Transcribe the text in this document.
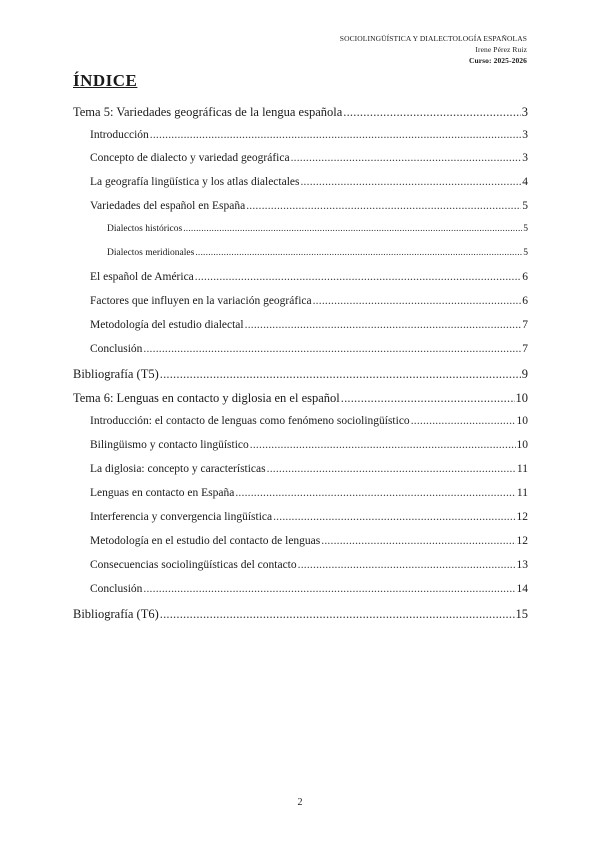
SOCIOLINGÜÍSTICA Y DIALECTOLOGÍA ESPAÑOLAS
Irene Pérez Ruiz
Curso: 2025-2026
ÍNDICE
Tema 5: Variedades geográficas de la lengua española .....	3
Introducción .....	3
Concepto de dialecto y variedad geográfica .....	3
La geografía lingüística y los atlas dialectales .....	4
Variedades del español en España .....	5
Dialectos históricos .....	5
Dialectos meridionales .....	5
El español de América .....	6
Factores que influyen en la variación geográfica .....	6
Metodología del estudio dialectal .....	7
Conclusión .....	7
Bibliografía (T5) .....	9
Tema 6: Lenguas en contacto y diglosia en el español .....	10
Introducción: el contacto de lenguas como fenómeno sociolingüístico .....	10
Bilingüismo y contacto lingüístico .....	10
La diglosia: concepto y características .....	11
Lenguas en contacto en España .....	11
Interferencia y convergencia lingüística .....	12
Metodología en el estudio del contacto de lenguas .....	12
Consecuencias sociolingüísticas del contacto .....	13
Conclusión .....	14
Bibliografía (T6) .....	15
2
